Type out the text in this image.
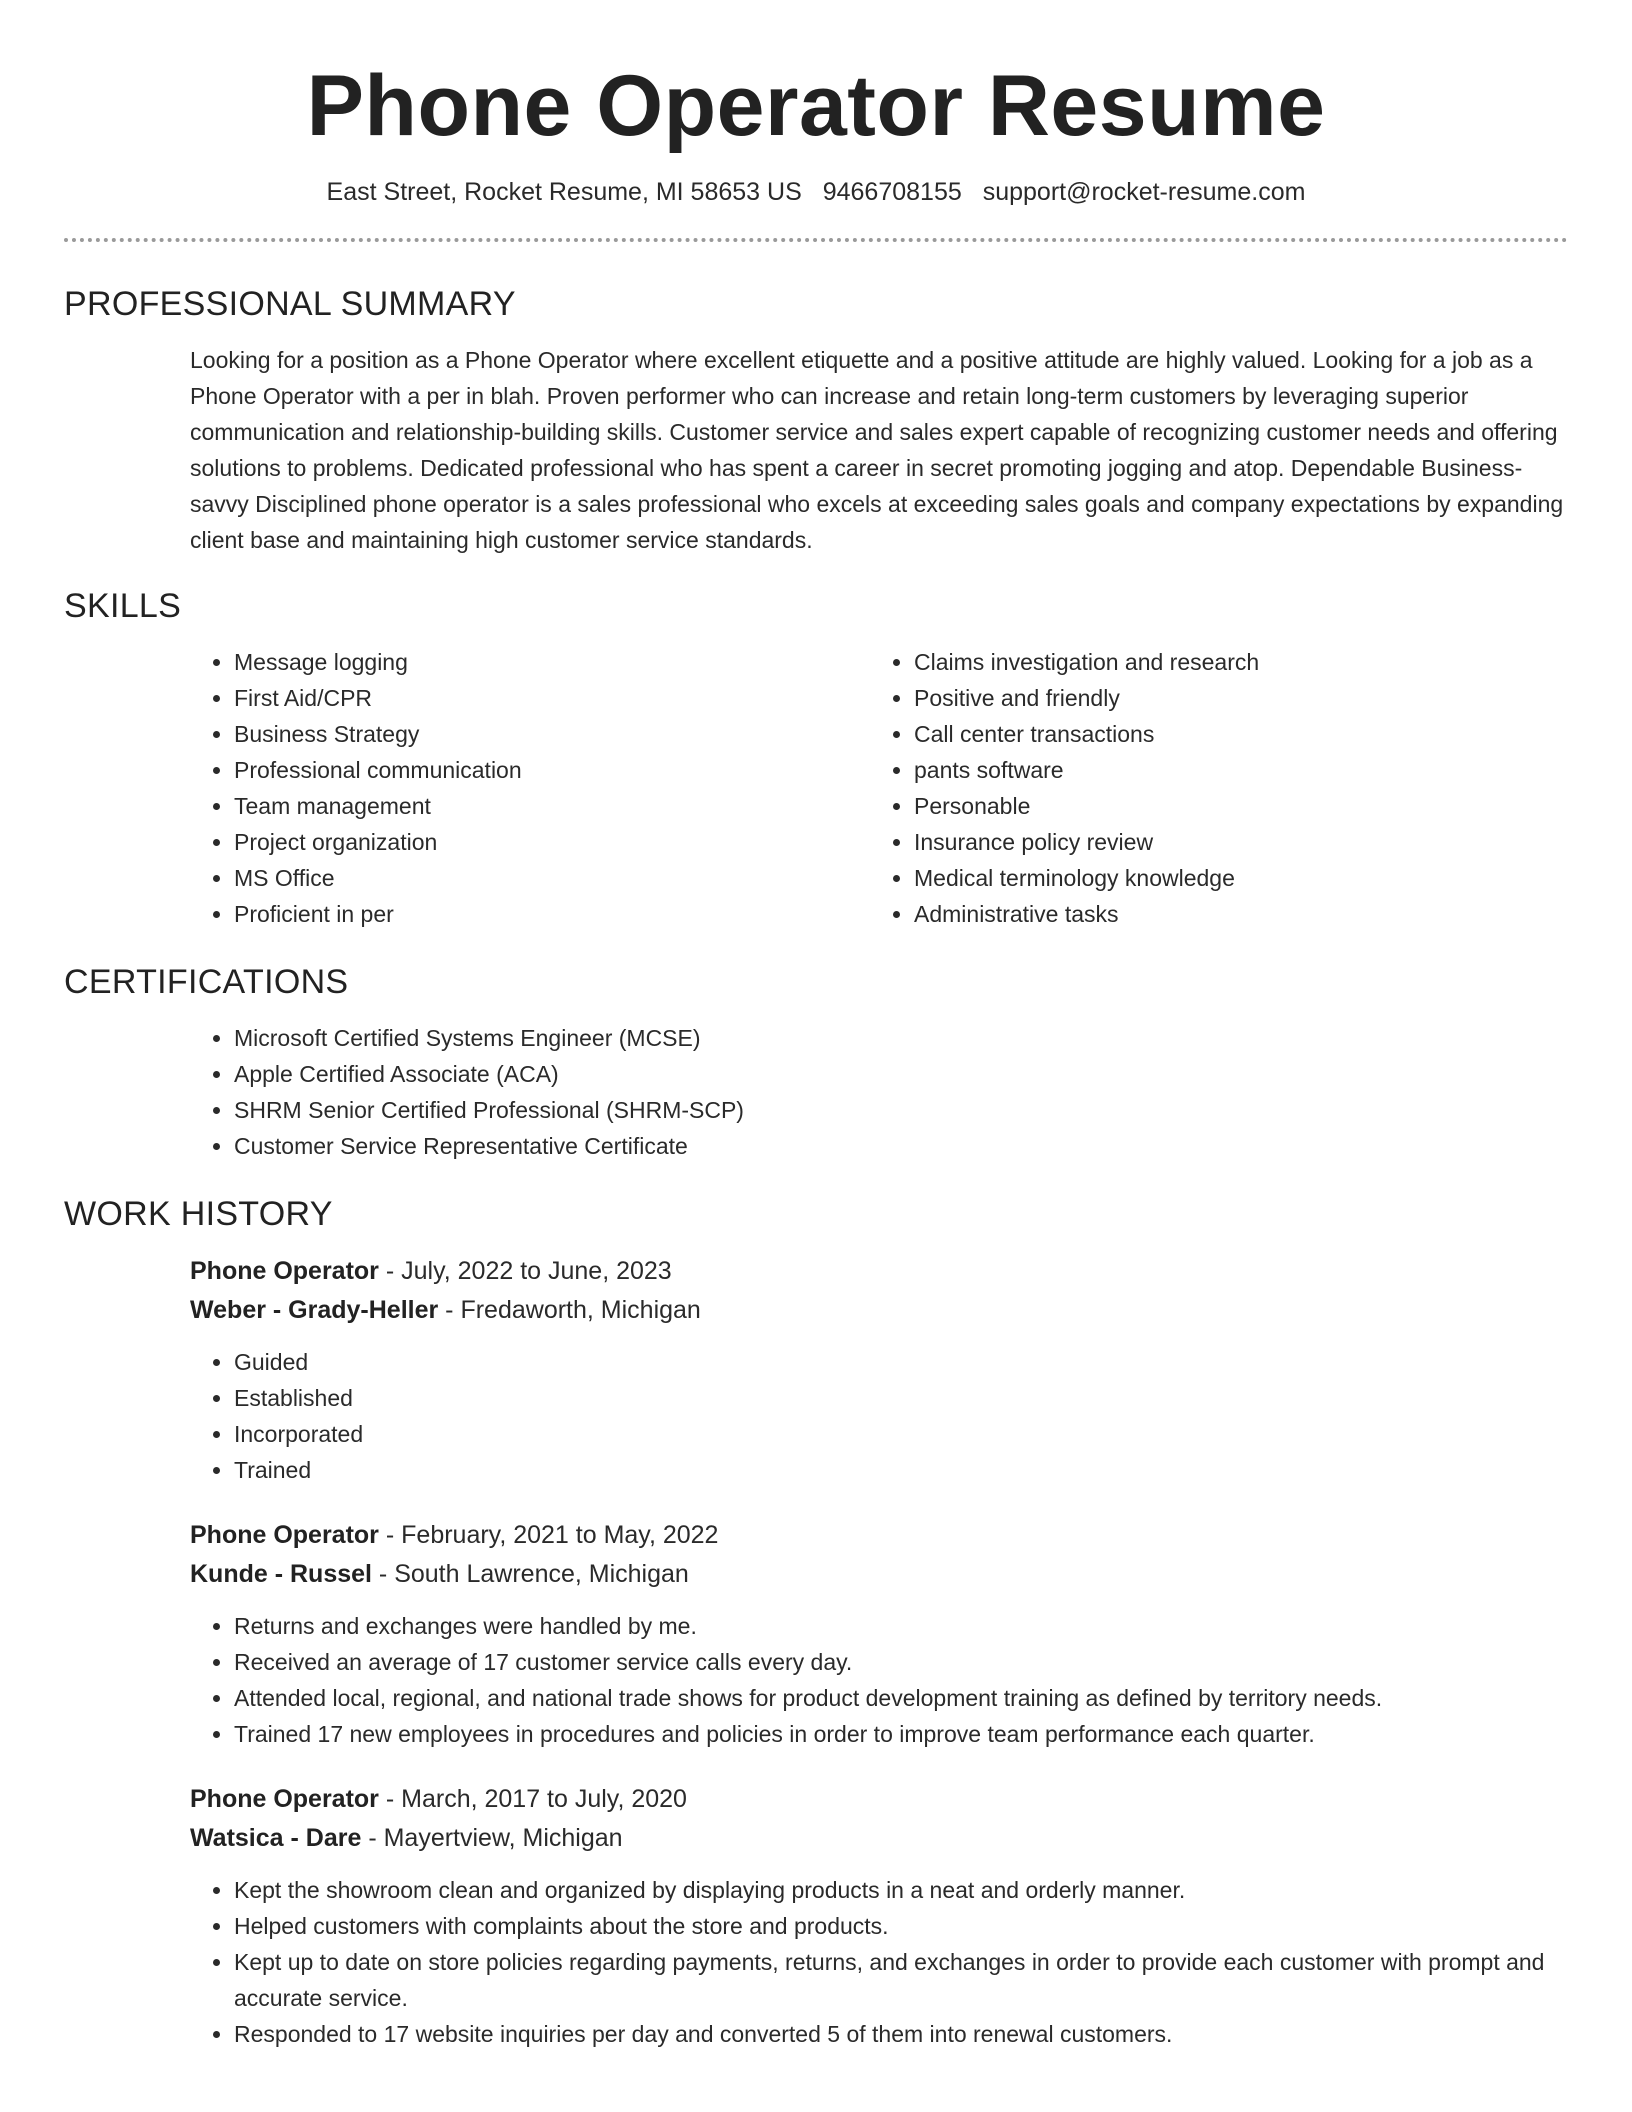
Phone Operator Resume
East Street, Rocket Resume, MI 58653 US 9466708155 support@rocket-resume.com
PROFESSIONAL SUMMARY

Looking for a position as a Phone Operator where excellent etiquette and a positive attitude are highly valued. Looking for a job as a Phone Operator with a per in blah. Proven performer who can increase and retain long-term customers by leveraging superior communication and relationship-building skills. Customer service and sales expert capable of recognizing customer needs and offering solutions to problems. Dedicated professional who has spent a career in secret promoting jogging and atop. Dependable Business-savvy Disciplined phone operator is a sales professional who excels at exceeding sales goals and company expectations by expanding client base and maintaining high customer service standards.

SKILLS
• Message logging
• First Aid/CPR
• Business Strategy
• Professional communication
• Team management
• Project organization
• MS Office
• Proficient in per
• Claims investigation and research
• Positive and friendly
• Call center transactions
• pants software
• Personable
• Insurance policy review
• Medical terminology knowledge
• Administrative tasks
CERTIFICATIONS
• Microsoft Certified Systems Engineer (MCSE)
• Apple Certified Associate (ACA)
• SHRM Senior Certified Professional (SHRM-SCP)
• Customer Service Representative Certificate
WORK HISTORY
Phone Operator - July, 2022 to June, 2023
Weber - Grady-Heller - Fredaworth, Michigan
• Guided
• Established
• Incorporated
• Trained
Phone Operator - February, 2021 to May, 2022
Kunde - Russel - South Lawrence, Michigan
• Returns and exchanges were handled by me.
• Received an average of 17 customer service calls every day.
• Attended local, regional, and national trade shows for product development training as defined by territory needs.
• Trained 17 new employees in procedures and policies in order to improve team performance each quarter.
Phone Operator - March, 2017 to July, 2020
Watsica - Dare - Mayertview, Michigan
• Kept the showroom clean and organized by displaying products in a neat and orderly manner.
• Helped customers with complaints about the store and products.
• Kept up to date on store policies regarding payments, returns, and exchanges in order to provide each customer with prompt and accurate service.
• Responded to 17 website inquiries per day and converted 5 of them into renewal customers.
